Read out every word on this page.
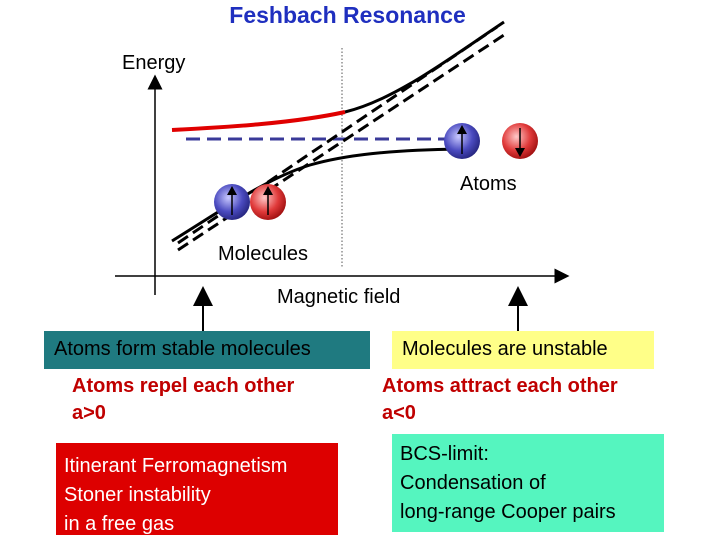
Feshbach Resonance
Energy
Atoms
Molecules
Magnetic field
Atoms form stable molecules	Molecules are unstable
Atoms repel each other
a>0
Atoms attract each other
a<0
Itinerant Ferromagnetism
Stoner instability
in a free gas
BCS-limit:
Condensation of
long-range Cooper pairs
